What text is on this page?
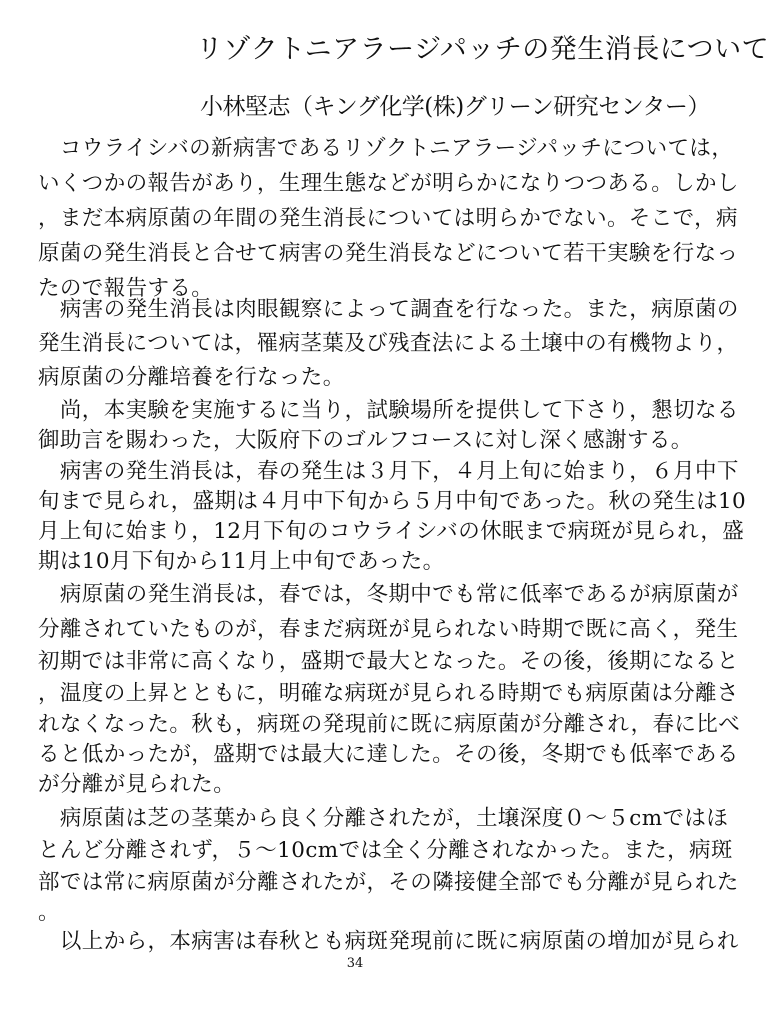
リゾクトニアラージパッチの発生消長について
小林堅志（キング化学(株)グリーン研究センター）
　コウライシバの新病害であるリゾクトニアラージパッチについては，
いくつかの報告があり，生理生態などが明らかになりつつある。しかし
，まだ本病原菌の年間の発生消長については明らかでない。そこで，病
原菌の発生消長と合せて病害の発生消長などについて若干実験を行なっ
たので報告する。
　病害の発生消長は肉眼観察によって調査を行なった。また，病原菌の
発生消長については，罹病茎葉及び残査法による土壌中の有機物より，
病原菌の分離培養を行なった。
　尚，本実験を実施するに当り，試験場所を提供して下さり，懇切なる
御助言を賜わった，大阪府下のゴルフコースに対し深く感謝する。
　病害の発生消長は，春の発生は３月下，４月上旬に始まり，６月中下
旬まで見られ，盛期は４月中下旬から５月中旬であった。秋の発生は10
月上旬に始まり，12月下旬のコウライシバの休眠まで病斑が見られ，盛
期は10月下旬から11月上中旬であった。
　病原菌の発生消長は，春では，冬期中でも常に低率であるが病原菌が
分離されていたものが，春まだ病斑が見られない時期で既に高く，発生
初期では非常に高くなり，盛期で最大となった。その後，後期になると
，温度の上昇とともに，明確な病斑が見られる時期でも病原菌は分離さ
れなくなった。秋も，病斑の発現前に既に病原菌が分離され，春に比べ
ると低かったが，盛期では最大に達した。その後，冬期でも低率である
が分離が見られた。
　病原菌は芝の茎葉から良く分離されたが，土壌深度０～５cmではほ
とんど分離されず，５～10cmでは全く分離されなかった。また，病斑
部では常に病原菌が分離されたが，その隣接健全部でも分離が見られた
。
　以上から，本病害は春秋とも病斑発現前に既に病原菌の増加が見られ
34
